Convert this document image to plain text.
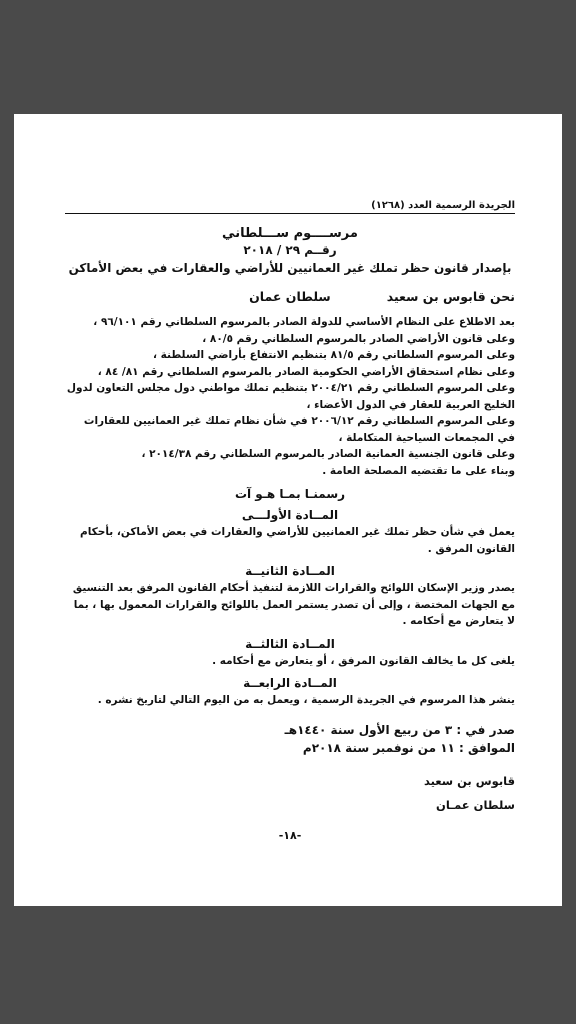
الجريدة الرسمية العدد (١٢٦٨)
مرســــوم ســـلطاني
رقــم ٢٩ / ٢٠١٨
بإصدار قانون حظر تملك غير العمانيين للأراضي والعقارات في بعض الأماكن
نحن قابوس بن سعيد
سلطان عمان

بعد الاطلاع على النظام الأساسي للدولة الصادر بالمرسوم السلطاني رقم ٩٦/١٠١ ،

وعلى قانون الأراضي الصادر بالمرسوم السلطاني رقم ٨٠/٥ ،

وعلى المرسوم السلطاني رقم ٨١/٥ بتنظيم الانتفاع بأراضي السلطنة ،

وعلى نظام استحقاق الأراضي الحكومية الصادر بالمرسوم السلطاني رقم ٨١/ ٨٤ ،

وعلى المرسوم السلطاني رقم ٢٠٠٤/٢١ بتنظيم تملك مواطني دول مجلس التعاون لدول الخليج العربية للعقار في الدول الأعضاء ،

وعلى المرسوم السلطاني رقم ٢٠٠٦/١٢ في شأن نظام تملك غير العمانيين للعقارات في المجمعات السياحية المتكاملة ،

وعلى قانون الجنسية العمانية الصادر بالمرسوم السلطاني رقم ٢٠١٤/٣٨ ،

وبناء على ما تقتضيه المصلحة العامة .

رسمنـا بمـا هـو آت
المــادة الأولـــى

يعمل في شأن حظر تملك غير العمانيين للأراضي والعقارات في بعض الأماكن، بأحكام القانون المرفق .

المــادة الثانيــة

يصدر وزير الإسكان اللوائح والقرارات اللازمة لتنفيذ أحكام القانون المرفق بعد التنسيق مع الجهات المختصة ، وإلى أن تصدر يستمر العمل باللوائح والقرارات المعمول بها ، بما لا يتعارض مع أحكامه .

المــادة الثالثــة

يلغى كل ما يخالف القانون المرفق ، أو يتعارض مع أحكامه .

المــادة الرابعــة

ينشر هذا المرسوم في الجريدة الرسمية ، ويعمل به من اليوم التالي لتاريخ نشره .

صدر في : ٣ من ربيع الأول سنة ١٤٤٠هـ

الموافق : ١١ من نوفمبر سنة ٢٠١٨م

قابوس بن سعيد

سلطان عمـان

-١٨-
